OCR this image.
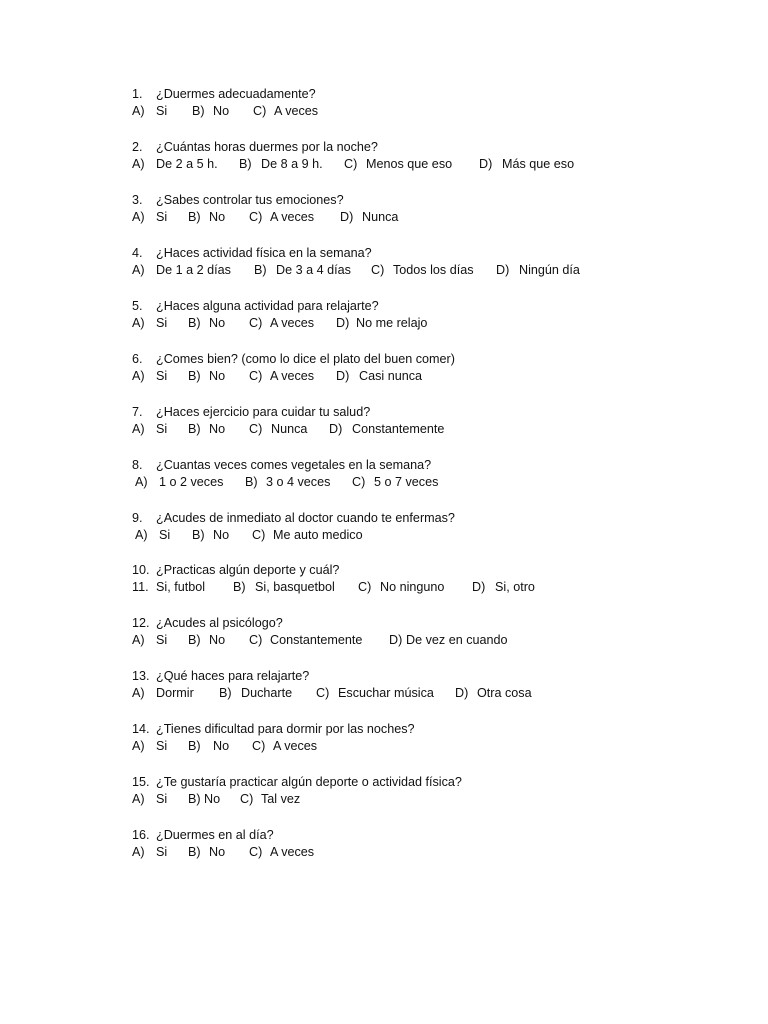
1.

¿Duermes adecuadamente?

A)

Si

B)

No

C)

A veces

2.

¿Cuántas horas duermes por la noche?

A)

De 2 a 5 h.

B)

De 8 a 9 h.

C)

Menos que eso

D)

Más que eso

3.

¿Sabes controlar tus emociones?

A)

Si

B)

No

C)

A veces

D)

Nunca

4.

¿Haces actividad física en la semana?

A)

De 1 a 2 días

B)

De 3 a 4 días

C)

Todos los días

D)

Ningún día

5.

¿Haces alguna actividad para relajarte?

A)

Si

B)

No

C)

A veces

D)

No me relajo

6.

¿Comes bien? (como lo dice el plato del buen comer)

A)

Si

B)

No

C)

A veces

D)

Casi nunca

7.

¿Haces ejercicio para cuidar tu salud?

A)

Si

B)

No

C)

Nunca

D)

Constantemente

8.

¿Cuantas veces comes vegetales en la semana?

A)

1 o 2 veces

B)

3 o 4 veces

C)

5 o 7 veces

9.

¿Acudes de inmediato al doctor cuando te enfermas?

A)

Si

B)

No

C)

Me auto medico

10.

¿Practicas algún deporte y cuál?

11.

Si, futbol

B)

Si, basquetbol

C)

No ninguno

D)

Si, otro

12.

¿Acudes al psicólogo?

A)

Si

B)

No

C)

Constantemente

D)

De vez en cuando

13.

¿Qué haces para relajarte?

A)

Dormir

B)

Ducharte

C)

Escuchar música

D)

Otra cosa

14.

¿Tienes dificultad para dormir por las noches?

A)

Si

B)

No

C)

A veces

15.

¿Te gustaría practicar algún deporte o actividad física?

A)

Si

B)

No

C)

Tal vez

16.

¿Duermes en al día?

A)

Si

B)

No

C)

A veces
